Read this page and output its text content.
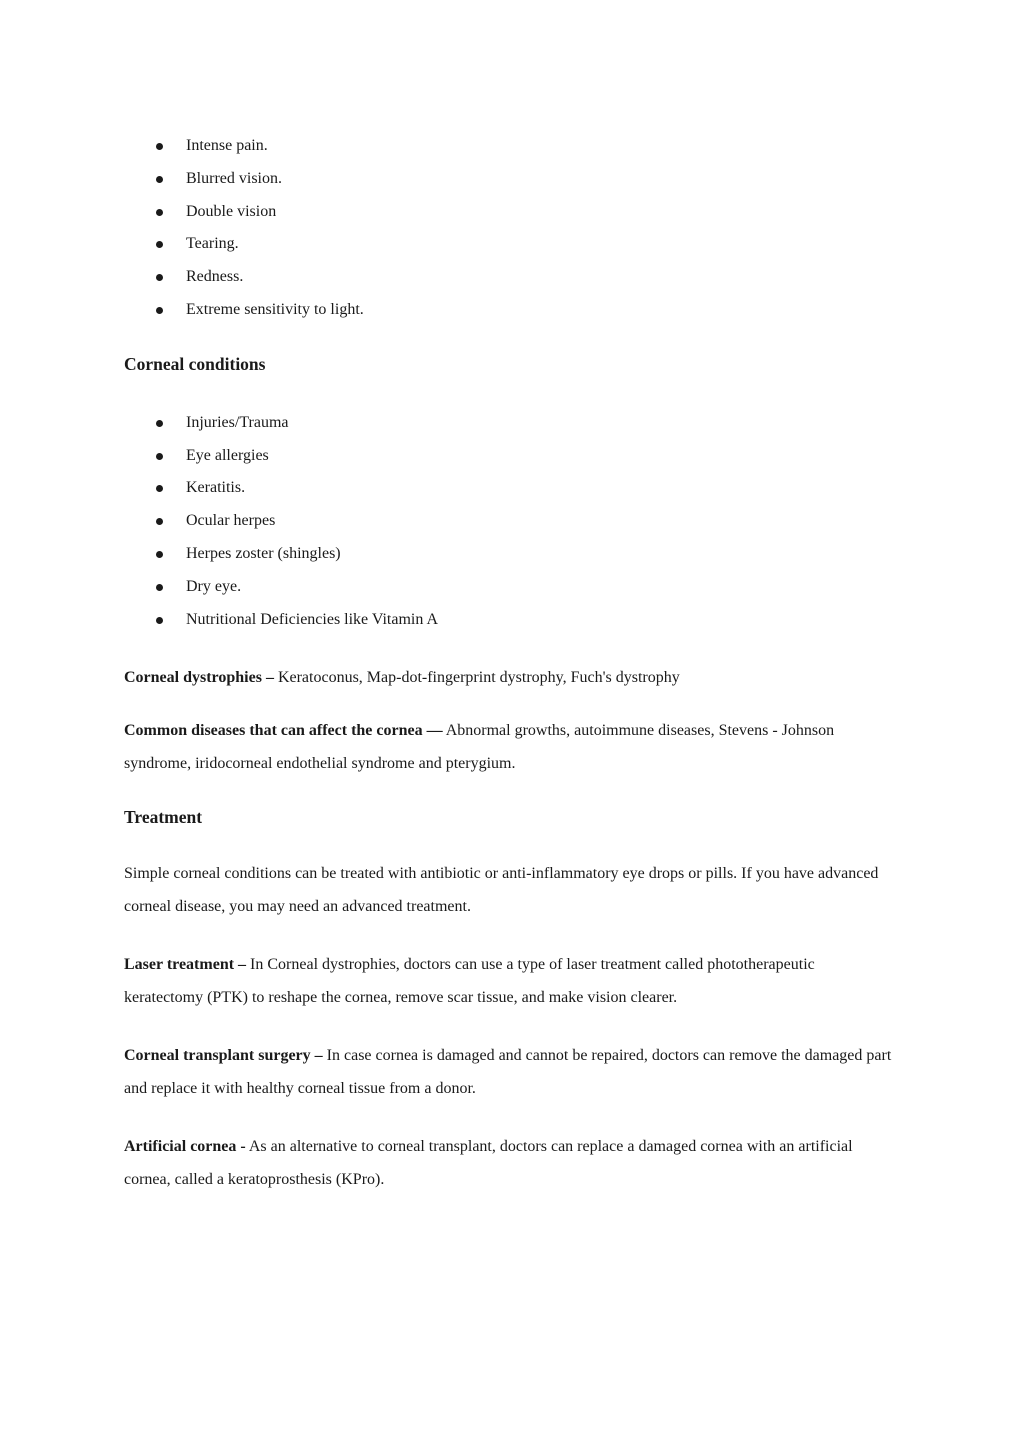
Intense pain.
Blurred vision.
Double vision
Tearing.
Redness.
Extreme sensitivity to light.
Corneal conditions
Injuries/Trauma
Eye allergies
Keratitis.
Ocular herpes
Herpes zoster (shingles)
Dry eye.
Nutritional Deficiencies like Vitamin A

Corneal dystrophies – Keratoconus, Map-dot-fingerprint dystrophy, Fuch's dystrophy

Common diseases that can affect the cornea — Abnormal growths, autoimmune diseases, Stevens - Johnson syndrome, iridocorneal endothelial syndrome and pterygium.

Treatment

Simple corneal conditions can be treated with antibiotic or anti-inflammatory eye drops or pills. If you have advanced corneal disease, you may need an advanced treatment.

Laser treatment – In Corneal dystrophies, doctors can use a type of laser treatment called phototherapeutic keratectomy (PTK) to reshape the cornea, remove scar tissue, and make vision clearer.

Corneal transplant surgery – In case cornea is damaged and cannot be repaired, doctors can remove the damaged part and replace it with healthy corneal tissue from a donor.

Artificial cornea - As an alternative to corneal transplant, doctors can replace a damaged cornea with an artificial cornea, called a keratoprosthesis (KPro).
